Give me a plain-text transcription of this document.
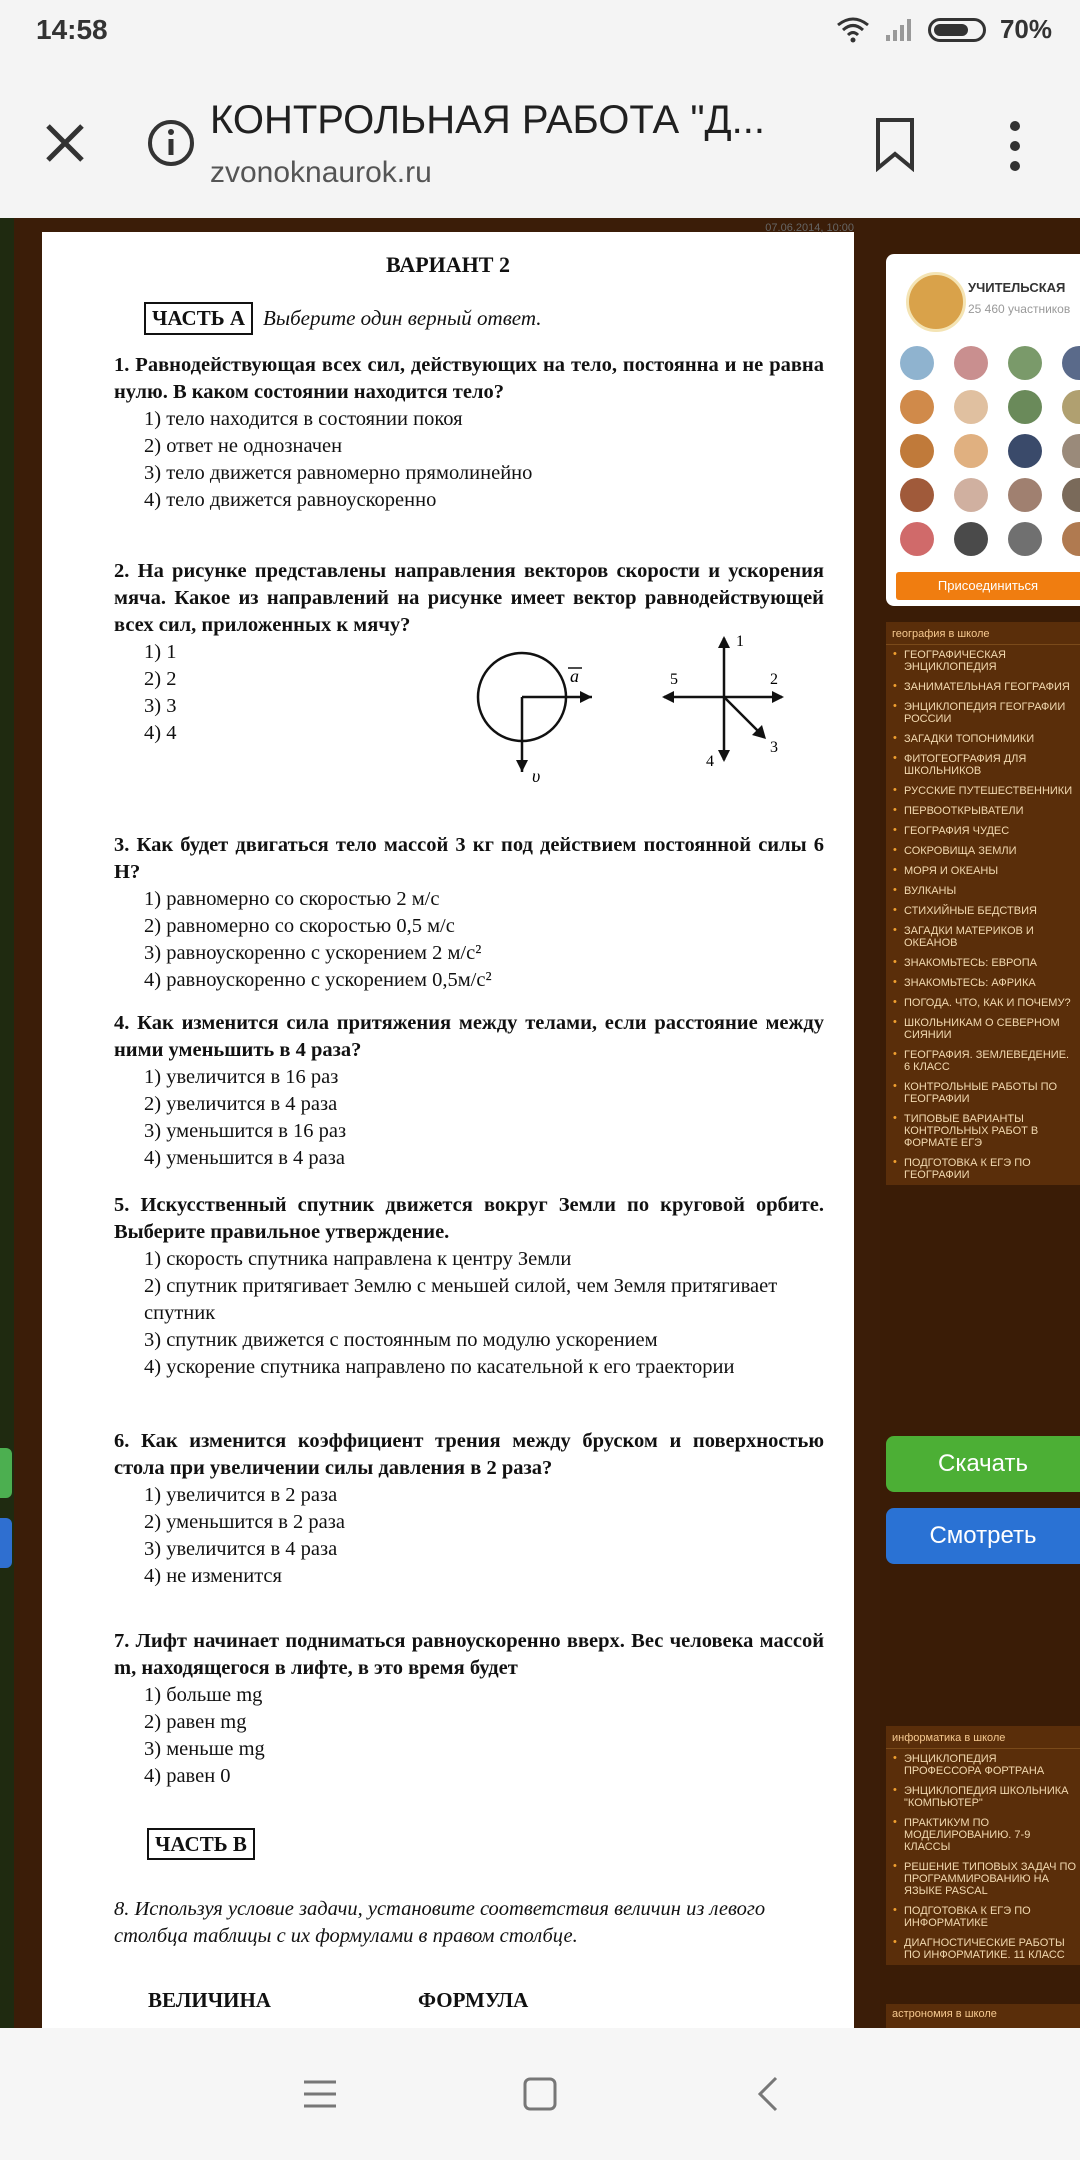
14:58	70%
КОНТРОЛЬНАЯ РАБОТА "Д...
zvonoknaurok.ru
07.06.2014, 10:00
ВАРИАНТ 2
ЧАСТЬ А Выберите один верный ответ.
1. Равнодействующая всех сил, действующих на тело, постоянна и не равна нулю. В каком состоянии находится тело?
1) тело находится в состоянии покоя
2) ответ не однозначен
3) тело движется равномерно прямолинейно
4) тело движется равноускоренно
2. На рисунке представлены направления векторов скорости и ускорения мяча. Какое из направлений на рисунке имеет вектор равнодействующей всех сил, приложенных к мячу?
1) 1
2) 2
3) 3
4) 4
a
υ
1
2
3
4
5
3. Как будет двигаться тело массой 3 кг под действием постоянной силы 6 Н?
1) равномерно со скоростью 2 м/с
2) равномерно со скоростью 0,5 м/с
3) равноускоренно с ускорением 2 м/с²
4) равноускоренно с ускорением 0,5м/с²
4. Как изменится сила притяжения между телами, если расстояние между ними уменьшить в 4 раза?
1) увеличится в 16 раз
2) увеличится в 4 раза
3) уменьшится в 16 раз
4) уменьшится в 4 раза
5. Искусственный спутник движется вокруг Земли по круговой орбите. Выберите правильное утверждение.
1) скорость спутника направлена к центру Земли
2) спутник притягивает Землю с меньшей силой, чем Земля притягивает спутник
3) спутник движется с постоянным по модулю ускорением
4) ускорение спутника направлено по касательной к его траектории
6. Как изменится коэффициент трения между бруском и поверхностью стола при увеличении силы давления в 2 раза?
1) увеличится в 2 раза
2) уменьшится в 2 раза
3) увеличится в 4 раза
4) не изменится
7. Лифт начинает подниматься равноускоренно вверх. Вес человека массой m, находящегося в лифте, в это время будет
1) больше mg
2) равен mg
3) меньше mg
4) равен 0
ЧАСТЬ В
8. Используя условие задачи, установите соответствия величин из левого столбца таблицы с их формулами в правом столбце.
ВЕЛИЧИНА	ФОРМУЛА
УЧИТЕЛЬСКАЯ
25 460 участников
Присоединиться
география в школе
• ГЕОГРАФИЧЕСКАЯ ЭНЦИКЛОПЕДИЯ
• ЗАНИМАТЕЛЬНАЯ ГЕОГРАФИЯ
• ЭНЦИКЛОПЕДИЯ ГЕОГРАФИИ РОССИИ
• ЗАГАДКИ ТОПОНИМИКИ
• ФИТОГЕОГРАФИЯ ДЛЯ ШКОЛЬНИКОВ
• РУССКИЕ ПУТЕШЕСТВЕННИКИ
• ПЕРВООТКРЫВАТЕЛИ
• ГЕОГРАФИЯ ЧУДЕС
• СОКРОВИЩА ЗЕМЛИ
• МОРЯ И ОКЕАНЫ
• ВУЛКАНЫ
• СТИХИЙНЫЕ БЕДСТВИЯ
• ЗАГАДКИ МАТЕРИКОВ И ОКЕАНОВ
• ЗНАКОМЬТЕСЬ: ЕВРОПА
• ЗНАКОМЬТЕСЬ: АФРИКА
• ПОГОДА. ЧТО, КАК И ПОЧЕМУ?
• ШКОЛЬНИКАМ О СЕВЕРНОМ СИЯНИИ
• ГЕОГРАФИЯ. ЗЕМЛЕВЕДЕНИЕ. 6 КЛАСС
• КОНТРОЛЬНЫЕ РАБОТЫ ПО ГЕОГРАФИИ
• ТИПОВЫЕ ВАРИАНТЫ КОНТРОЛЬНЫХ РАБОТ В ФОРМАТЕ ЕГЭ
• ПОДГОТОВКА К ЕГЭ ПО ГЕОГРАФИИ
Скачать
Смотреть
информатика в школе
• ЭНЦИКЛОПЕДИЯ ПРОФЕССОРА ФОРТРАНА
• ЭНЦИКЛОПЕДИЯ ШКОЛЬНИКА "КОМПЬЮТЕР"
• ПРАКТИКУМ ПО МОДЕЛИРОВАНИЮ. 7-9 КЛАССЫ
• РЕШЕНИЕ ТИПОВЫХ ЗАДАЧ ПО ПРОГРАММИРОВАНИЮ НА ЯЗЫКЕ PASCAL
• ПОДГОТОВКА К ЕГЭ ПО ИНФОРМАТИКЕ
• ДИАГНОСТИЧЕСКИЕ РАБОТЫ ПО ИНФОРМАТИКЕ. 11 КЛАСС
астрономия в школе
